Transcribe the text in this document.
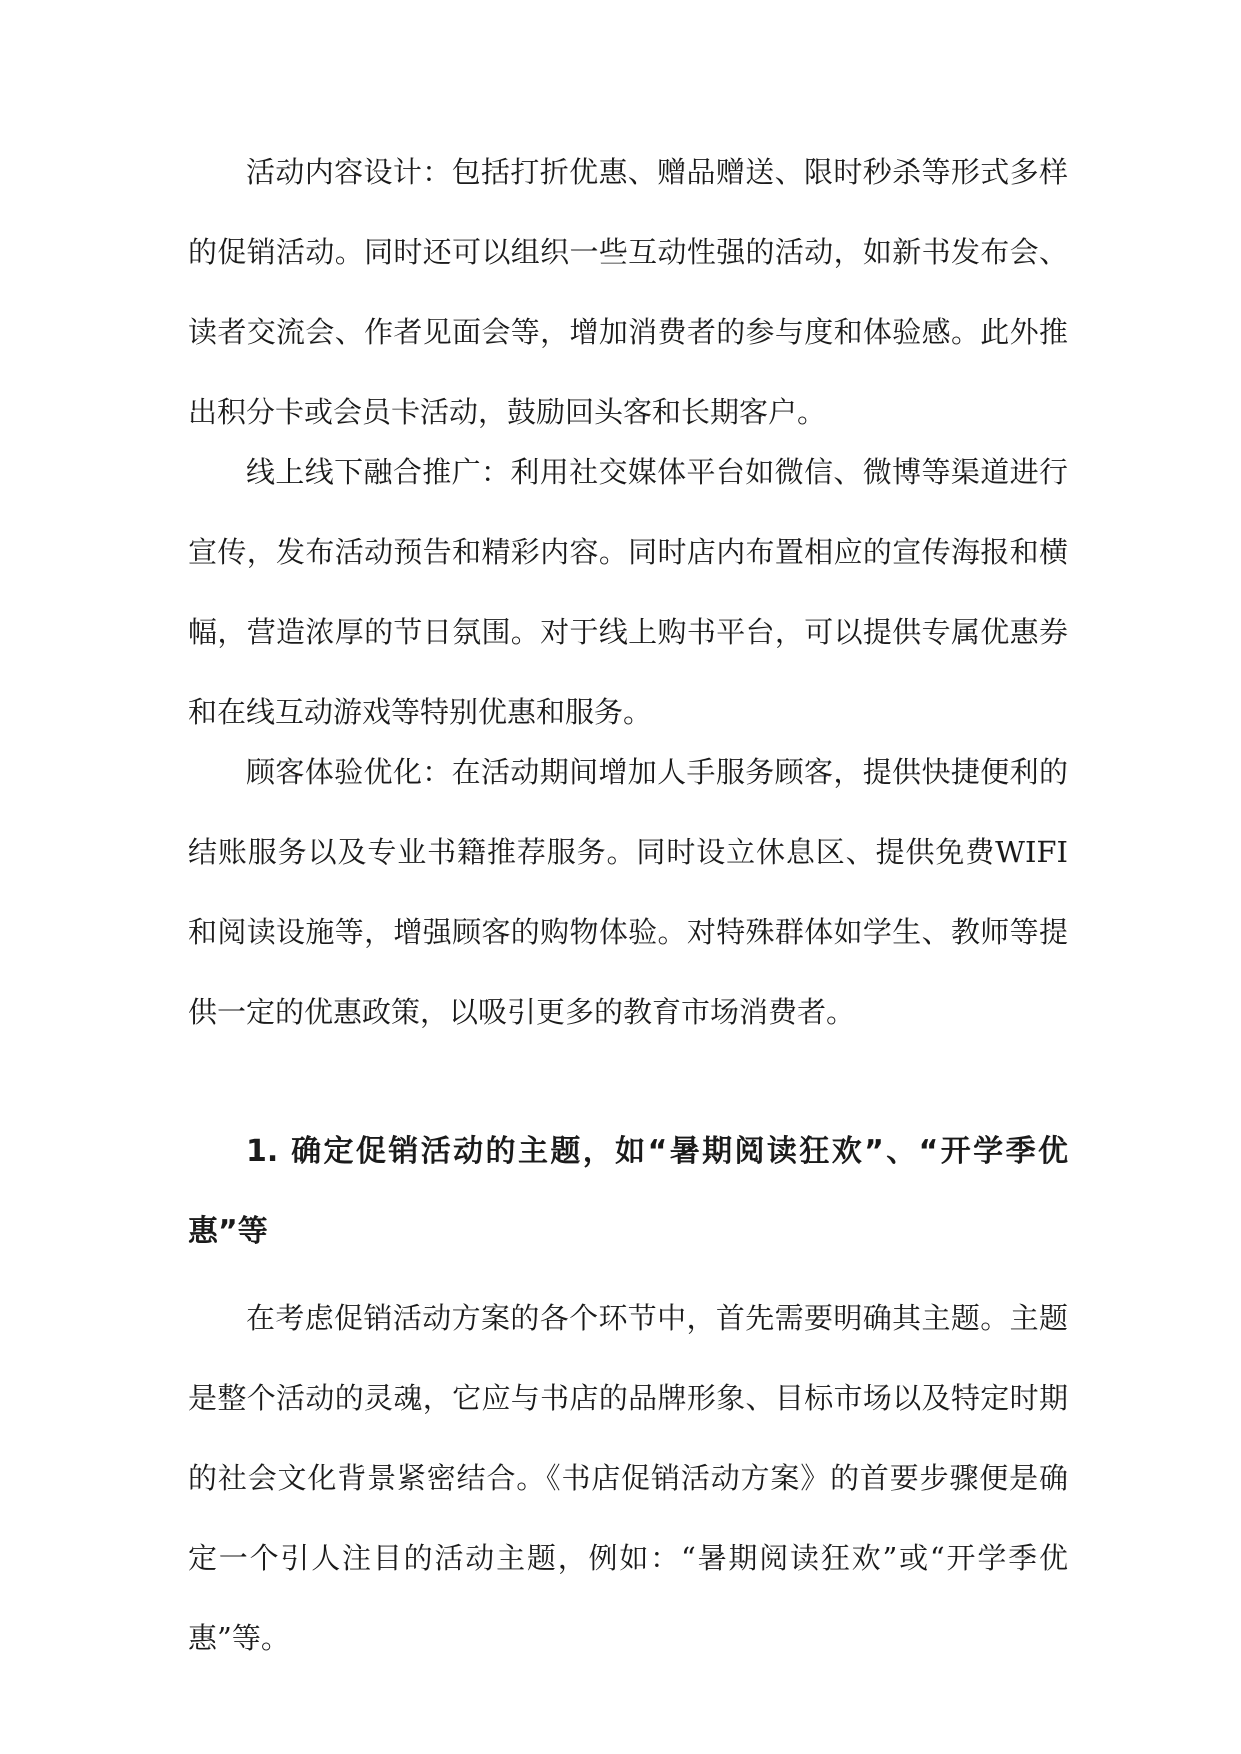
活动内容设计：包括打折优惠、赠品赠送、限时秒杀等形式多样的促销活动。同时还可以组织一些互动性强的活动，如新书发布会、读者交流会、作者见面会等，增加消费者的参与度和体验感。此外推出积分卡或会员卡活动，鼓励回头客和长期客户。

线上线下融合推广：利用社交媒体平台如微信、微博等渠道进行宣传，发布活动预告和精彩内容。同时店内布置相应的宣传海报和横幅，营造浓厚的节日氛围。对于线上购书平台，可以提供专属优惠券和在线互动游戏等特别优惠和服务。

顾客体验优化：在活动期间增加人手服务顾客，提供快捷便利的结账服务以及专业书籍推荐服务。同时设立休息区、提供免费WIFI和阅读设施等，增强顾客的购物体验。对特殊群体如学生、教师等提供一定的优惠政策，以吸引更多的教育市场消费者。

1. 确定促销活动的主题，如“暑期阅读狂欢”、“开学季优惠”等

在考虑促销活动方案的各个环节中，首先需要明确其主题。主题是整个活动的灵魂，它应与书店的品牌形象、目标市场以及特定时期的社会文化背景紧密结合。《书店促销活动方案》的首要步骤便是确定一个引人注目的活动主题，例如：“暑期阅读狂欢”或“开学季优惠”等。
